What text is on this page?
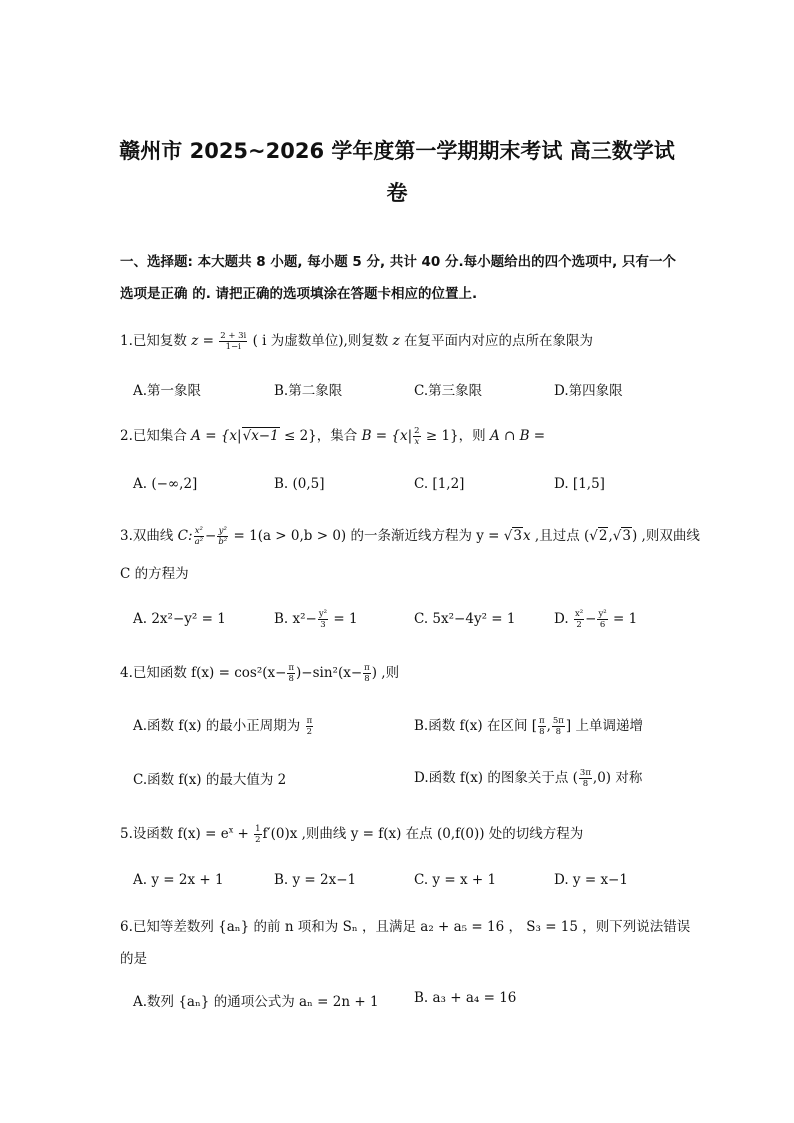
赣州市 2025~2026 学年度第一学期期末考试 高三数学试
卷
一、选择题: 本大题共 8 小题, 每小题 5 分, 共计 40 分.每小题给出的四个选项中, 只有一个
选项是正确 的. 请把正确的选项填涂在答题卡相应的位置上.
1.已知复数 $z = \frac{2 + 3i}{1-i}$ ( i 为虚数单位),则复数 z 在复平面内对应的点所在象限为
A.第一象限	B.第二象限	C.第三象限	D.第四象限
2.已知集合 A = {x|√x−1 ≤ 2}，集合 $B = \{x| \frac{2}{x} \ge 1\}$，则 A ∩ B =
A. (−∞,2]	B. (0,5]	C. [1,2]	D. [1,5]
3.双曲线 C: $\frac{\text{x²}}{\text{a²}} - \frac{\text{y²}}{\text{b²}} = 1(a > 0,b > 0)$ 的一条渐近线方程为 y = √3x ,且过点 (√2,√3) ,则双曲线
C 的方程为
A. 2x²−y² = 1	B. $x^2- \frac{\text{y²}}{3} = 1$	C. 5x²−4y² = 1	D. $\frac{\text{x²}}{2} - \frac{\text{y²}}{6} = 1$
4.已知函数 $f(x) = \cos^2(x- \frac{\pi}{8} )-\sin^2(x- \frac{\pi}{8}$ ) ,则
A.函数 f(x) 的最小正周期为 $\frac{\pi}{2}$	B.函数 f(x) 在区间 [ $\frac{\pi}{8}$ , $\frac{5\pi}{8}$ ] 上单调递增
C.函数 f(x) 的最大值为 2	D.函数 f(x) 的图象关于点 ( $\frac{3\pi}{8} ,0$) 对称
5.设函数 $f(x) = e^x + \frac{1}{2} f'(0)x$ ,则曲线 y = f(x) 在点 (0,f(0)) 处的切线方程为
A. y = 2x + 1	B. y = 2x−1	C. y = x + 1	D. y = x−1
6.已知等差数列 {aₙ} 的前 n 项和为 Sₙ ，且满足 a₂ + a₅ = 16 ， S₃ = 15 ，则下列说法错误
的是
A.数列 {aₙ} 的通项公式为 aₙ = 2n + 1	B. a₃ + a₄ = 16
